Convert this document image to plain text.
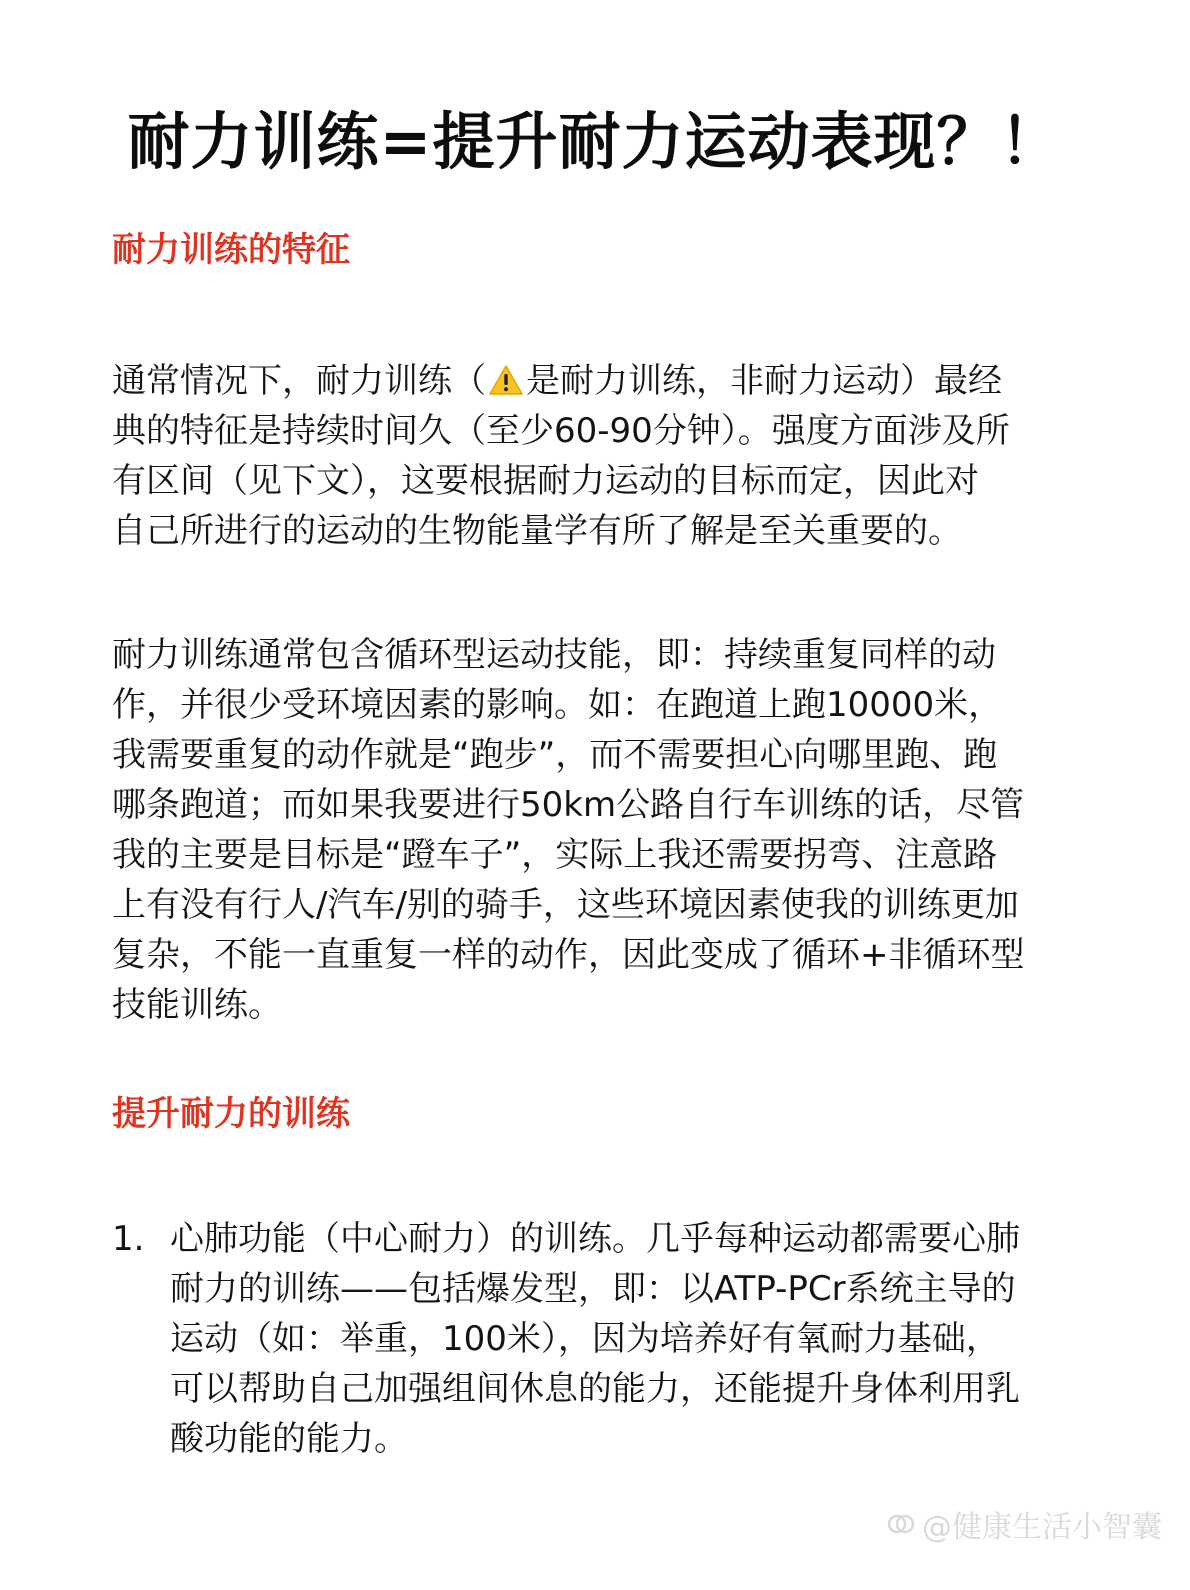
耐力训练=提升耐力运动表现？！
耐力训练的特征
通常情况下，耐力训练（ 是耐力训练，非耐力运动）最经
典的特征是持续时间久（至少60-90分钟）。强度方面涉及所
有区间（见下文），这要根据耐力运动的目标而定，因此对
自己所进行的运动的生物能量学有所了解是至关重要的。
耐力训练通常包含循环型运动技能，即：持续重复同样的动
作，并很少受环境因素的影响。如：在跑道上跑10000米，
我需要重复的动作就是“跑步”，而不需要担心向哪里跑、跑
哪条跑道；而如果我要进行50km公路自行车训练的话，尽管
我的主要是目标是“蹬车子”，实际上我还需要拐弯、注意路
上有没有行人/汽车/别的骑手，这些环境因素使我的训练更加
复杂，不能一直重复一样的动作，因此变成了循环+非循环型
技能训练。
提升耐力的训练
1. 心肺功能（中心耐力）的训练。几乎每种运动都需要心肺
耐力的训练——包括爆发型，即：以ATP-PCr系统主导的
运动（如：举重，100米），因为培养好有氧耐力基础，
可以帮助自己加强组间休息的能力，还能提升身体利用乳
酸功能的能力。
@健康生活小智囊
